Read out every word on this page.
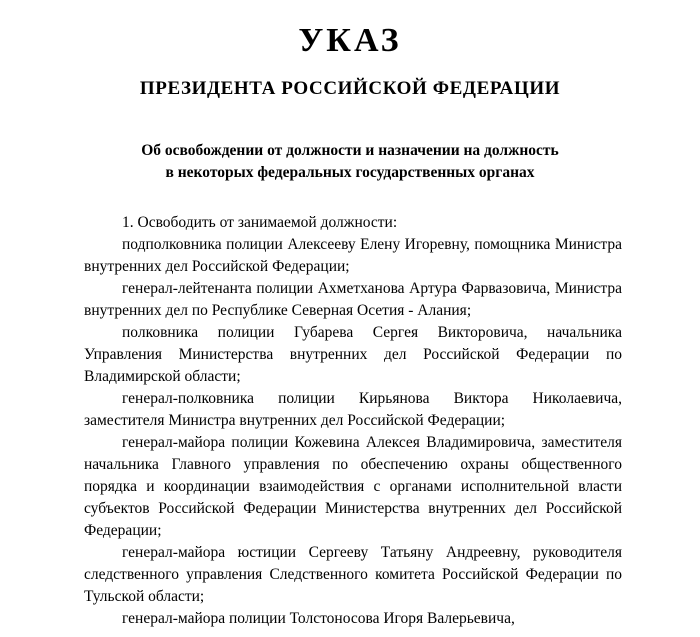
УКАЗ
ПРЕЗИДЕНТА РОССИЙСКОЙ ФЕДЕРАЦИИ
Об освобождении от должности и назначении на должность
в некоторых федеральных государственных органах

1. Освободить от занимаемой должности:

подполковника полиции Алексееву Елену Игоревну, помощника Министра внутренних дел Российской Федерации;

генерал-лейтенанта полиции Ахметханова Артура Фарвазовича, Министра внутренних дел по Республике Северная Осетия - Алания;

полковника полиции Губарева Сергея Викторовича, начальника Управления Министерства внутренних дел Российской Федерации по Владимирской области;

генерал-полковника полиции Кирьянова Виктора Николаевича, заместителя Министра внутренних дел Российской Федерации;

генерал-майора полиции Кожевина Алексея Владимировича, заместителя начальника Главного управления по обеспечению охраны общественного порядка и координации взаимодействия с органами исполнительной власти субъектов Российской Федерации Министерства внутренних дел Российской Федерации;

генерал-майора юстиции Сергееву Татьяну Андреевну, руководителя следственного управления Следственного комитета Российской Федерации по Тульской области;

генерал-майора полиции Толстоносова Игоря Валерьевича,
